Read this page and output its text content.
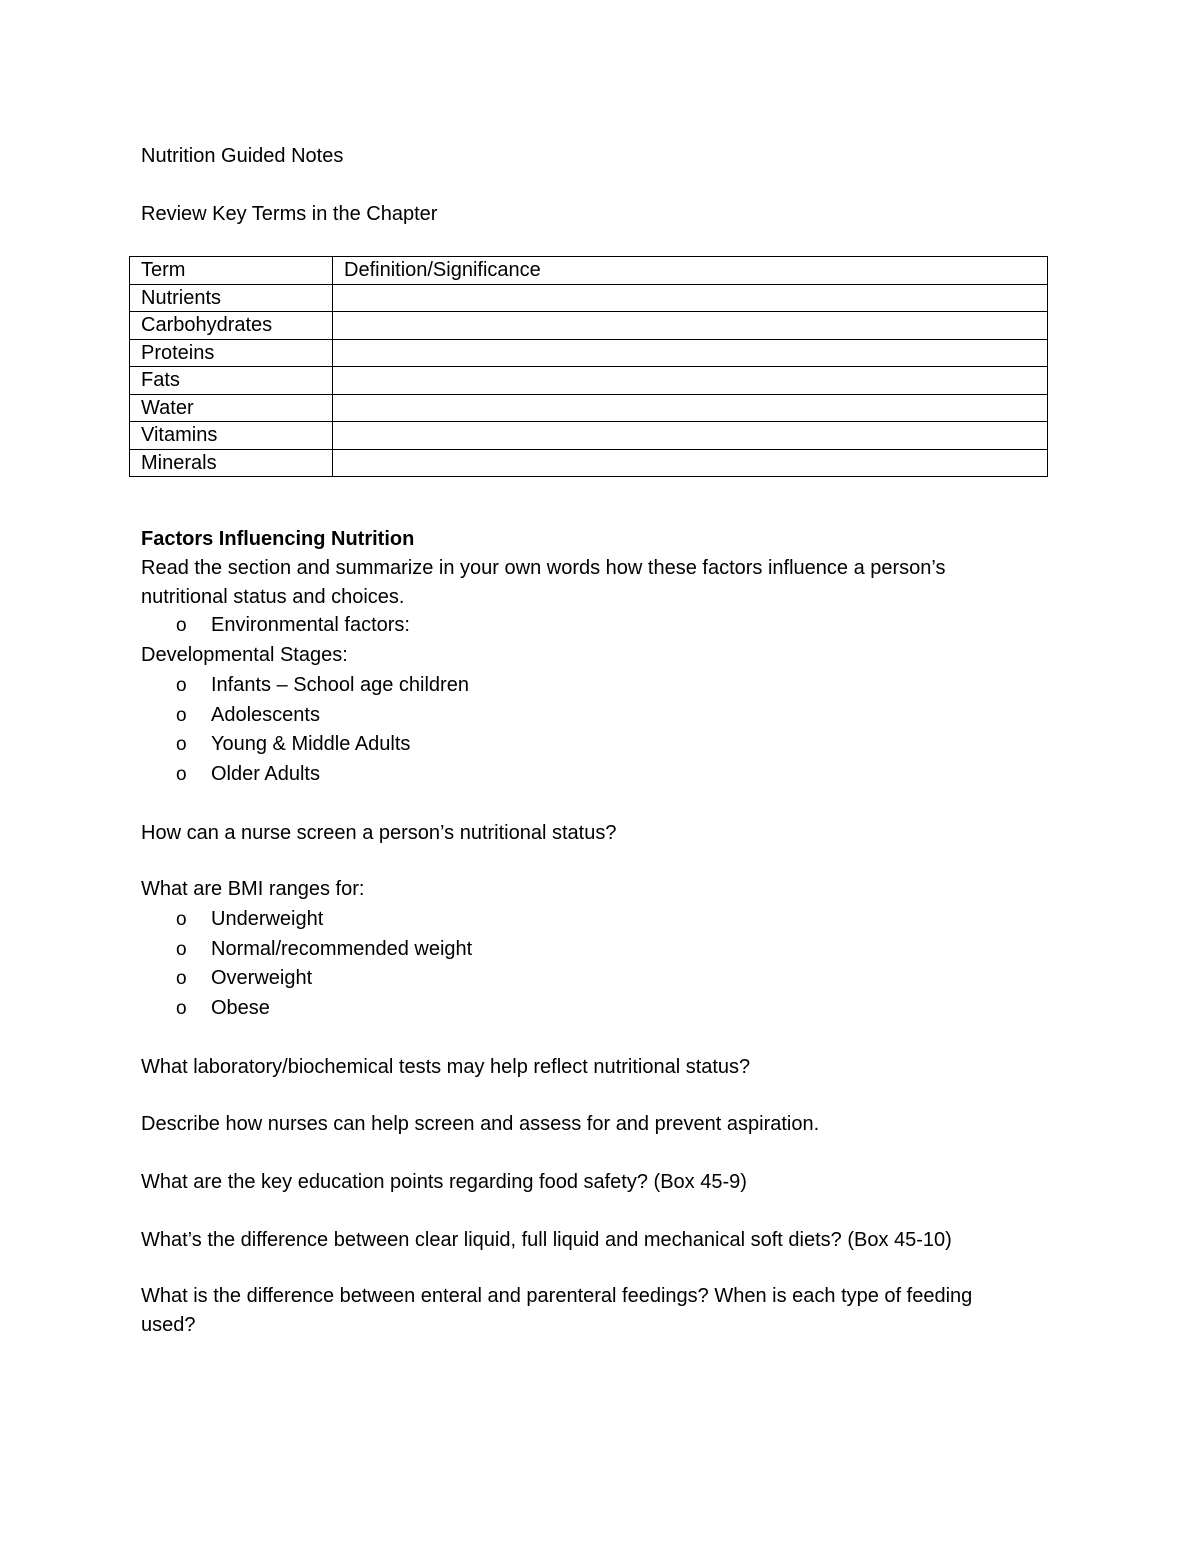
Nutrition Guided Notes
Review Key Terms in the Chapter
Term	Definition/Significance
Nutrients	
Carbohydrates	
Proteins	
Fats	
Water	
Vitamins	
Minerals	
Factors Influencing Nutrition
Read the section and summarize in your own words how these factors influence a person’s
nutritional status and choices.
o	Environmental factors:
Developmental Stages:
o	Infants – School age children
o	Adolescents
o	Young & Middle Adults
o	Older Adults
How can a nurse screen a person’s nutritional status?
What are BMI ranges for:
o	Underweight
o	Normal/recommended weight
o	Overweight
o	Obese
What laboratory/biochemical tests may help reflect nutritional status?
Describe how nurses can help screen and assess for and prevent aspiration.
What are the key education points regarding food safety? (Box 45-9)
What’s the difference between clear liquid, full liquid and mechanical soft diets? (Box 45-10)
What is the difference between enteral and parenteral feedings? When is each type of feeding
used?
